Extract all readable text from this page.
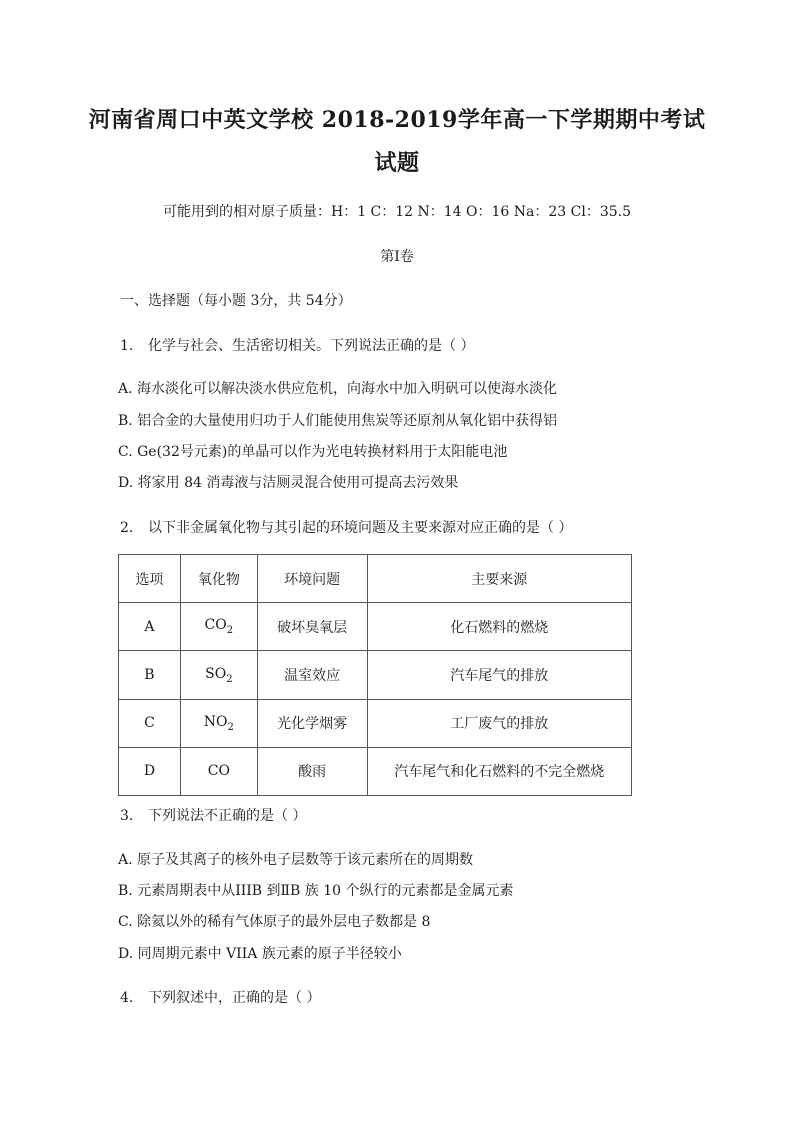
河南省周口中英文学校 2018-2019学年高一下学期期中考试
试题
可能用到的相对原子质量：H：1 C：12 N：14 O：16 Na：23 Cl：35.5
第Ⅰ卷
一、选择题（每小题 3分，共 54分）
1. 化学与社会、生活密切相关。下列说法正确的是（ ）
A. 海水淡化可以解决淡水供应危机，向海水中加入明矾可以使海水淡化
B. 铝合金的大量使用归功于人们能使用焦炭等还原剂从氧化铝中获得铝
C. Ge(32号元素)的单晶可以作为光电转换材料用于太阳能电池
D. 将家用 84 消毒液与洁厕灵混合使用可提高去污效果
2. 以下非金属氧化物与其引起的环境问题及主要来源对应正确的是（ ）
选项	氧化物	环境问题	主要来源
A	$CO_2$	破坏臭氧层	化石燃料的燃烧
B	$SO_2$	温室效应	汽车尾气的排放
C	$NO_2$	光化学烟雾	工厂废气的排放
D	CO	酸雨	汽车尾气和化石燃料的不完全燃烧
3. 下列说法不正确的是（ ）
A. 原子及其离子的核外电子层数等于该元素所在的周期数
B. 元素周期表中从IIIB 到ⅡB 族 10 个纵行的元素都是金属元素
C. 除氦以外的稀有气体原子的最外层电子数都是 8
D. 同周期元素中 VIIA 族元素的原子半径较小
4. 下列叙述中，正确的是（ ）
